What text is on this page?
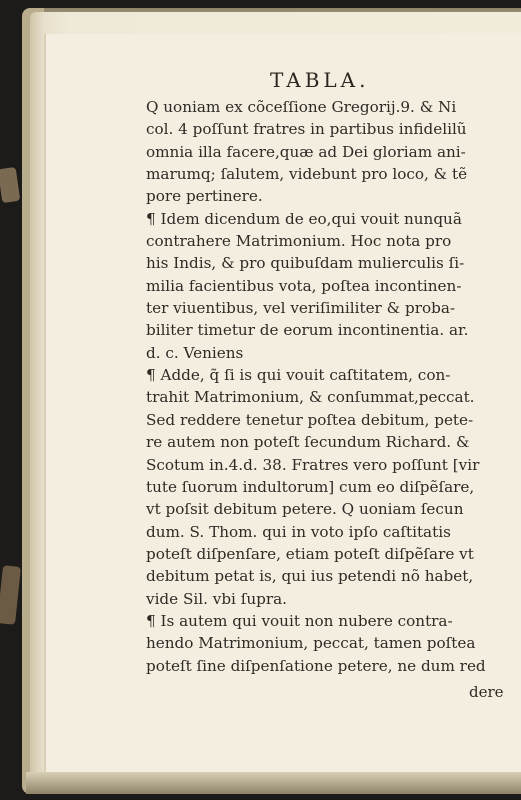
TABLA.
Q uoniam ex cõceſſione Gregorij.9. & Ni
col. 4 poſſunt fratres in partibus infidelilũ
omnia illa facere,quæ ad Dei gloriam ani-
marumq; ſalutem, videbunt pro loco, & tẽ
pore pertinere.
¶ Idem dicendum de eo,qui vouit nunquã
contrahere Matrimonium. Hoc nota pro
his Indis, & pro quibuſdam mulierculis ſi-
milia facientibus vota, poſtea incontinen-
ter viuentibus, vel veriſimiliter & proba-
biliter timetur de eorum incontinentia. ar.
d. c. Veniens
¶ Adde, q̃ ſi is qui vouit caſtitatem, con-
trahit Matrimonium, & conſummat,peccat.
Sed reddere tenetur poſtea debitum, pete-
re autem non poteſt ſecundum Richard. &
Scotum in.4.d. 38. Fratres vero poſſunt [vir
tute ſuorum indultorum] cum eo diſpẽſare,
vt poſsit debitum petere. Q uoniam ſecun
dum. S. Thom. qui in voto ipſo caſtitatis
poteſt diſpenſare, etiam poteſt diſpẽſare vt
debitum petat is, qui ius petendi nõ habet,
vide Sil. vbi ſupra.
¶ Is autem qui vouit non nubere contra-
hendo Matrimonium, peccat, tamen poſtea
poteſt ſine diſpenſatione petere, ne dum red
dere
